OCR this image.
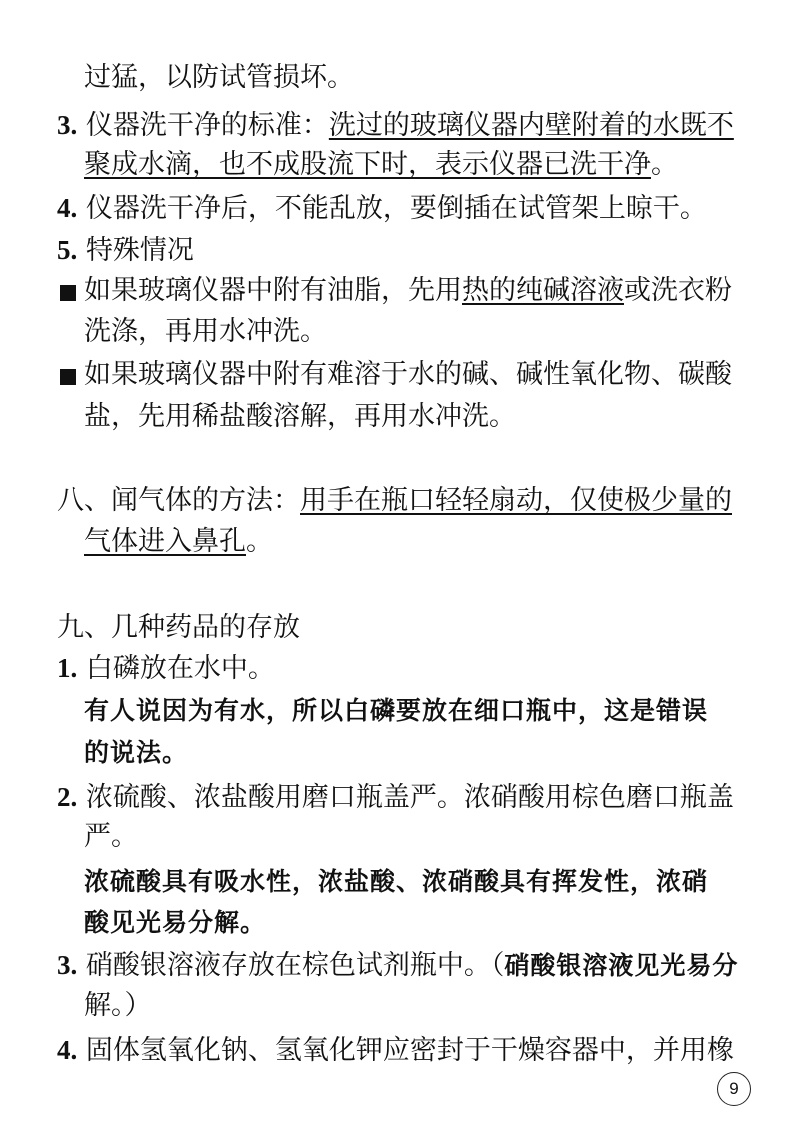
过猛，以防试管损坏。
3. 仪器洗干净的标准：洗过的玻璃仪器内壁附着的水既不
聚成水滴，也不成股流下时，表示仪器已洗干净。
4. 仪器洗干净后，不能乱放，要倒插在试管架上晾干。
5. 特殊情况
如果玻璃仪器中附有油脂，先用热的纯碱溶液或洗衣粉
洗涤，再用水冲洗。
如果玻璃仪器中附有难溶于水的碱、碱性氧化物、碳酸
盐，先用稀盐酸溶解，再用水冲洗。
八、闻气体的方法：用手在瓶口轻轻扇动，仅使极少量的
气体进入鼻孔。
九、几种药品的存放
1. 白磷放在水中。
有人说因为有水，所以白磷要放在细口瓶中，这是错误
的说法。
2. 浓硫酸、浓盐酸用磨口瓶盖严。浓硝酸用棕色磨口瓶盖
严。
浓硫酸具有吸水性，浓盐酸、浓硝酸具有挥发性，浓硝
酸见光易分解。
3. 硝酸银溶液存放在棕色试剂瓶中。（硝酸银溶液见光易分
解。）
4. 固体氢氧化钠、氢氧化钾应密封于干燥容器中，并用橡
9
